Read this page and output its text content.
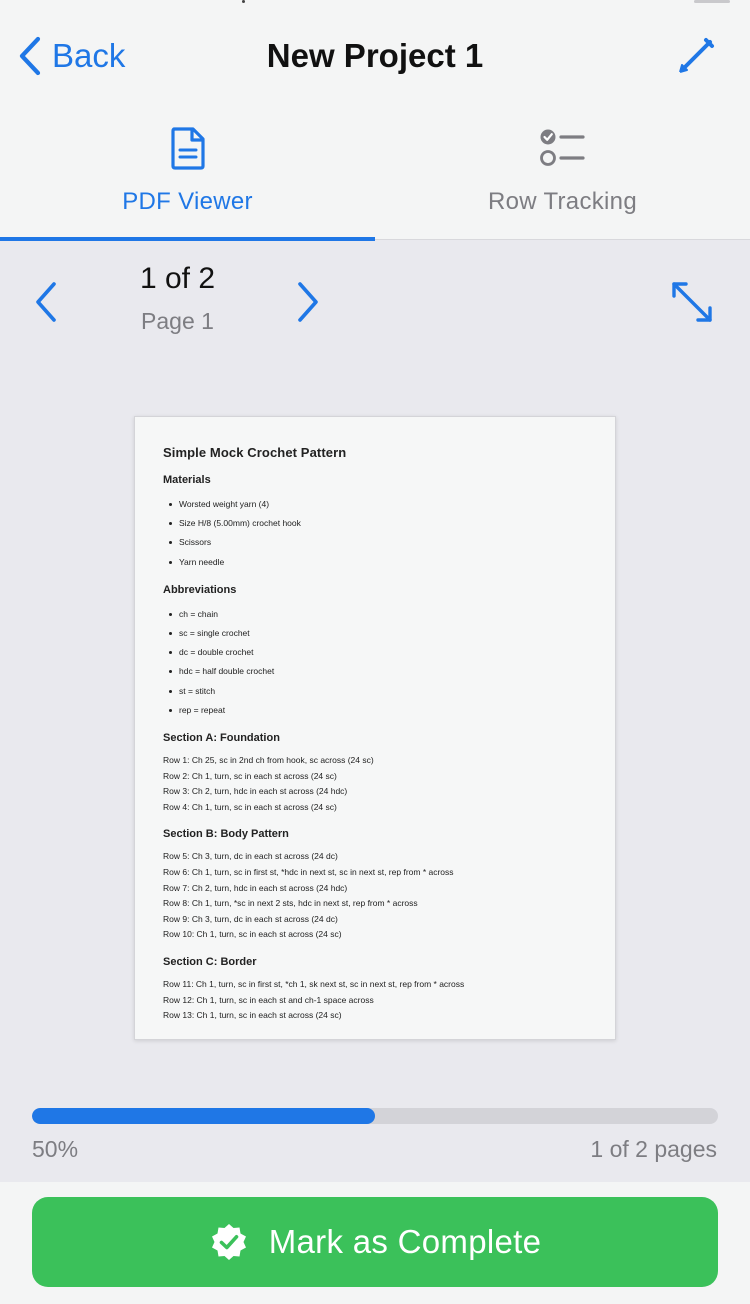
Back	New Project 1
PDF Viewer	Row Tracking
1 of 2
Page 1
Simple Mock Crochet Pattern
Materials
Worsted weight yarn (4)
Size H/8 (5.00mm) crochet hook
Scissors
Yarn needle
Abbreviations
ch = chain
sc = single crochet
dc = double crochet
hdc = half double crochet
st = stitch
rep = repeat
Section A: Foundation
Row 1: Ch 25, sc in 2nd ch from hook, sc across (24 sc)
Row 2: Ch 1, turn, sc in each st across (24 sc)
Row 3: Ch 2, turn, hdc in each st across (24 hdc)
Row 4: Ch 1, turn, sc in each st across (24 sc)
Section B: Body Pattern
Row 5: Ch 3, turn, dc in each st across (24 dc)
Row 6: Ch 1, turn, sc in first st, *hdc in next st, sc in next st, rep from * across
Row 7: Ch 2, turn, hdc in each st across (24 hdc)
Row 8: Ch 1, turn, *sc in next 2 sts, hdc in next st, rep from * across
Row 9: Ch 3, turn, dc in each st across (24 dc)
Row 10: Ch 1, turn, sc in each st across (24 sc)
Section C: Border
Row 11: Ch 1, turn, sc in first st, *ch 1, sk next st, sc in next st, rep from * across
Row 12: Ch 1, turn, sc in each st and ch-1 space across
Row 13: Ch 1, turn, sc in each st across (24 sc)
50%	1 of 2 pages
Mark as Complete
